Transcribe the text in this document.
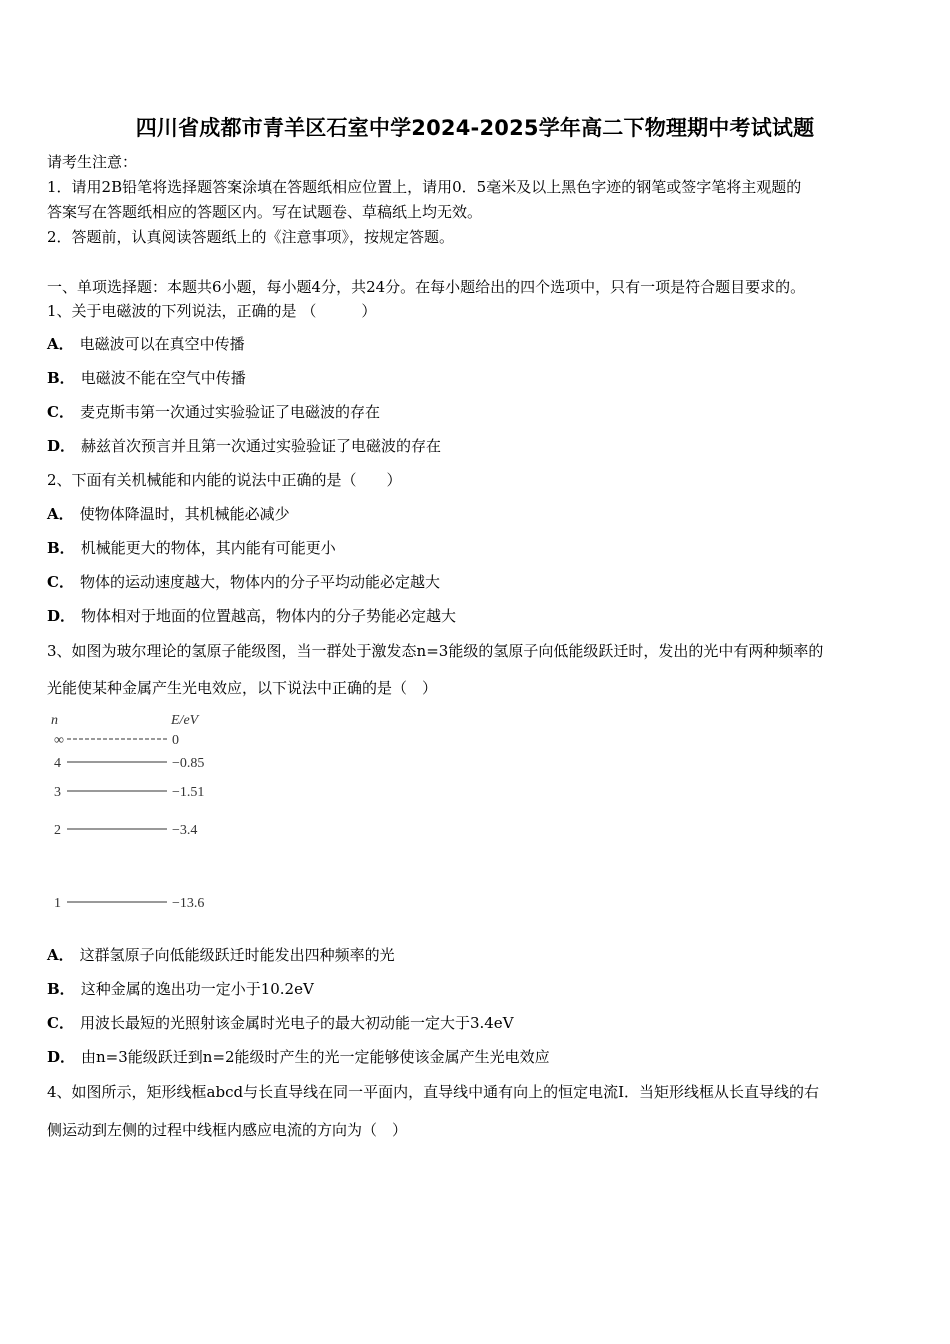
四川省成都市青羊区石室中学2024-2025学年高二下物理期中考试试题
请考生注意：
1．请用2B铅笔将选择题答案涂填在答题纸相应位置上，请用0．5毫米及以上黑色字迹的钢笔或签字笔将主观题的
答案写在答题纸相应的答题区内。写在试题卷、草稿纸上均无效。
2．答题前，认真阅读答题纸上的《注意事项》，按规定答题。
一、单项选择题：本题共6小题，每小题4分，共24分。在每小题给出的四个选项中，只有一项是符合题目要求的。
1、关于电磁波的下列说法，正确的是 （　　　）
A． 电磁波可以在真空中传播
B． 电磁波不能在空气中传播
C． 麦克斯韦第一次通过实验验证了电磁波的存在
D． 赫兹首次预言并且第一次通过实验验证了电磁波的存在
2、下面有关机械能和内能的说法中正确的是（　　）
A． 使物体降温时，其机械能必减少
B． 机械能更大的物体，其内能有可能更小
C． 物体的运动速度越大，物体内的分子平均动能必定越大
D． 物体相对于地面的位置越高，物体内的分子势能必定越大
3、如图为玻尔理论的氢原子能级图，当一群处于激发态n=3能级的氢原子向低能级跃迁时，发出的光中有两种频率的
光能使某种金属产生光电效应，以下说法中正确的是（　）
n	E/eV
∞	0
4	−0.85
3	−1.51
2	−3.4
1	−13.6
A． 这群氢原子向低能级跃迁时能发出四种频率的光
B． 这种金属的逸出功一定小于10.2eV
C． 用波长最短的光照射该金属时光电子的最大初动能一定大于3.4eV
D． 由n=3能级跃迁到n=2能级时产生的光一定能够使该金属产生光电效应
4、如图所示，矩形线框abcd与长直导线在同一平面内，直导线中通有向上的恒定电流I．当矩形线框从长直导线的右
侧运动到左侧的过程中线框内感应电流的方向为（　）
